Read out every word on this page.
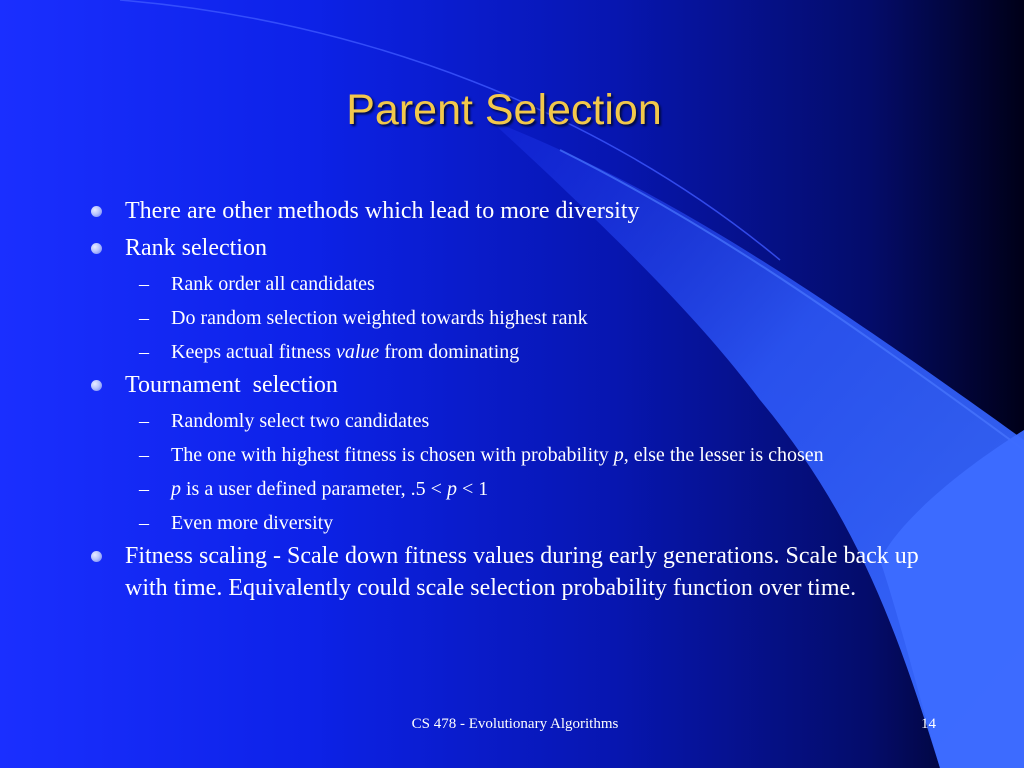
Parent Selection
There are other methods which lead to more diversity
Rank selection
– Rank order all candidates
– Do random selection weighted towards highest rank
– Keeps actual fitness value from dominating
Tournament  selection
– Randomly select two candidates
– The one with highest fitness is chosen with probability p, else the lesser is chosen
– p is a user defined parameter, .5 < p < 1
– Even more diversity
Fitness scaling - Scale down fitness values during early generations. Scale back up with time. Equivalently could scale selection probability function over time.
CS 478 - Evolutionary Algorithms	14
